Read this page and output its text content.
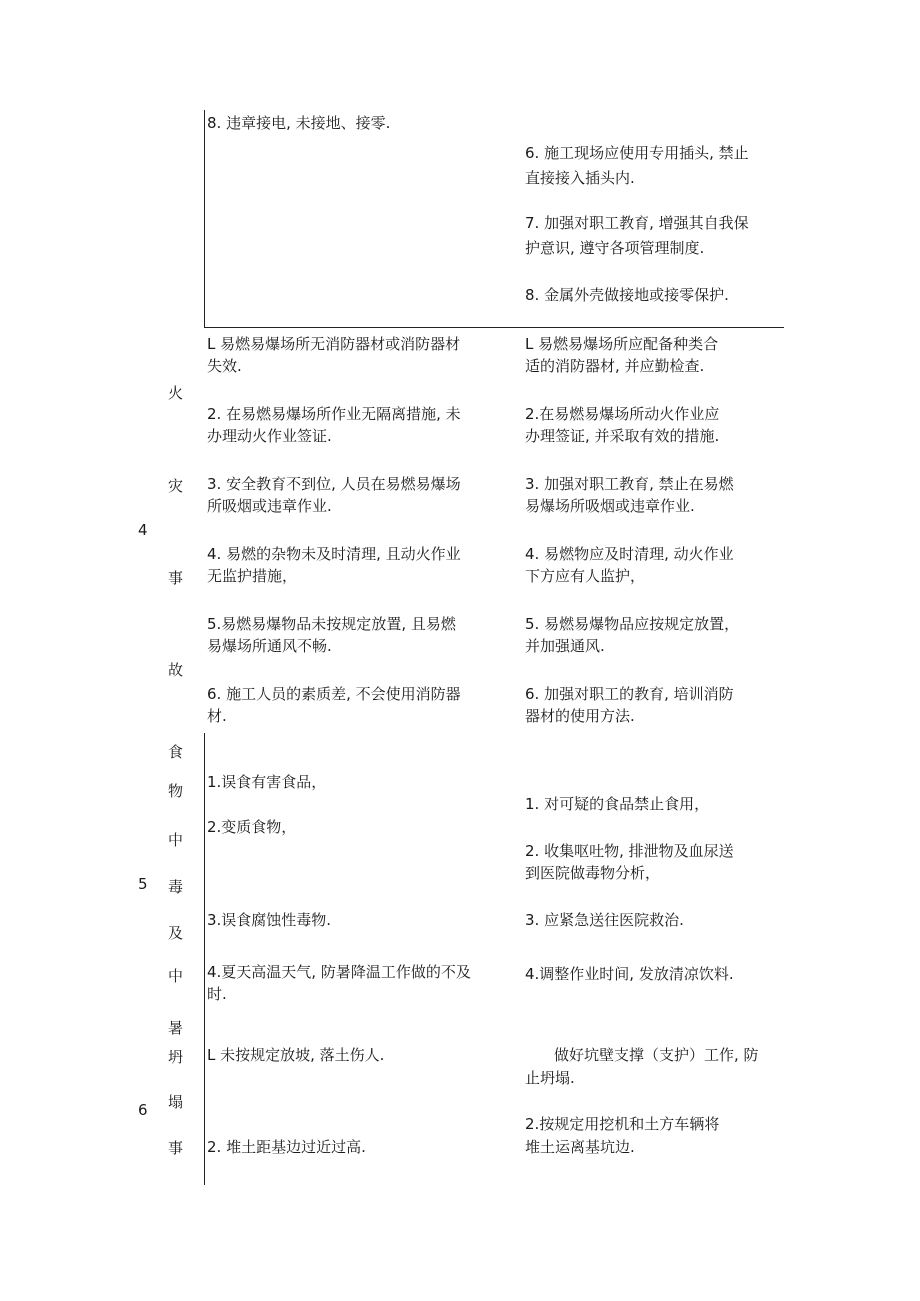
8. 违章接电, 未接地、接零.
6. 施工现场应使用专用插头, 禁止
直接接入插头内.
7. 加强对职工教育, 增强其自我保
护意识, 遵守各项管理制度.
8. 金属外壳做接地或接零保护.
4
火
灾
事
故
L 易燃易爆场所无消防器材或消防器材
失效.
2. 在易燃易爆场所作业无隔离措施, 未
办理动火作业签证.
3. 安全教育不到位, 人员在易燃易爆场
所吸烟或违章作业.
4. 易燃的杂物未及时清理, 且动火作业
无监护措施，
5.易燃易爆物品未按规定放置, 且易燃
易爆场所通风不畅.
6. 施工人员的素质差, 不会使用消防器
材.
L 易燃易爆场所应配备种类合
适的消防器材, 并应勤检查.
2.在易燃易爆场所动火作业应
办理签证, 并采取有效的措施.
3. 加强对职工教育, 禁止在易燃
易爆场所吸烟或违章作业.
4. 易燃物应及时清理, 动火作业
下方应有人监护，
5. 易燃易爆物品应按规定放置，
并加强通风.
6. 加强对职工的教育, 培训消防
器材的使用方法.
5
食
物
中
毒
及
中
暑
1.误食有害食品，
2.变质食物，
3.误食腐蚀性毒物.
4.夏天高温天气, 防暑降温工作做的不及
时.
1. 对可疑的食品禁止食用，
2. 收集呕吐物, 排泄物及血尿送
到医院做毒物分析，
3. 应紧急送往医院救治.
4.调整作业时间, 发放清凉饮料.
6
坍
塌
事
L 未按规定放坡, 落土伤人.
2. 堆土距基边过近过高.
做好坑壁支撑（支护）工作, 防
止坍塌.
2.按规定用挖机和土方车辆将
堆土运离基坑边.
